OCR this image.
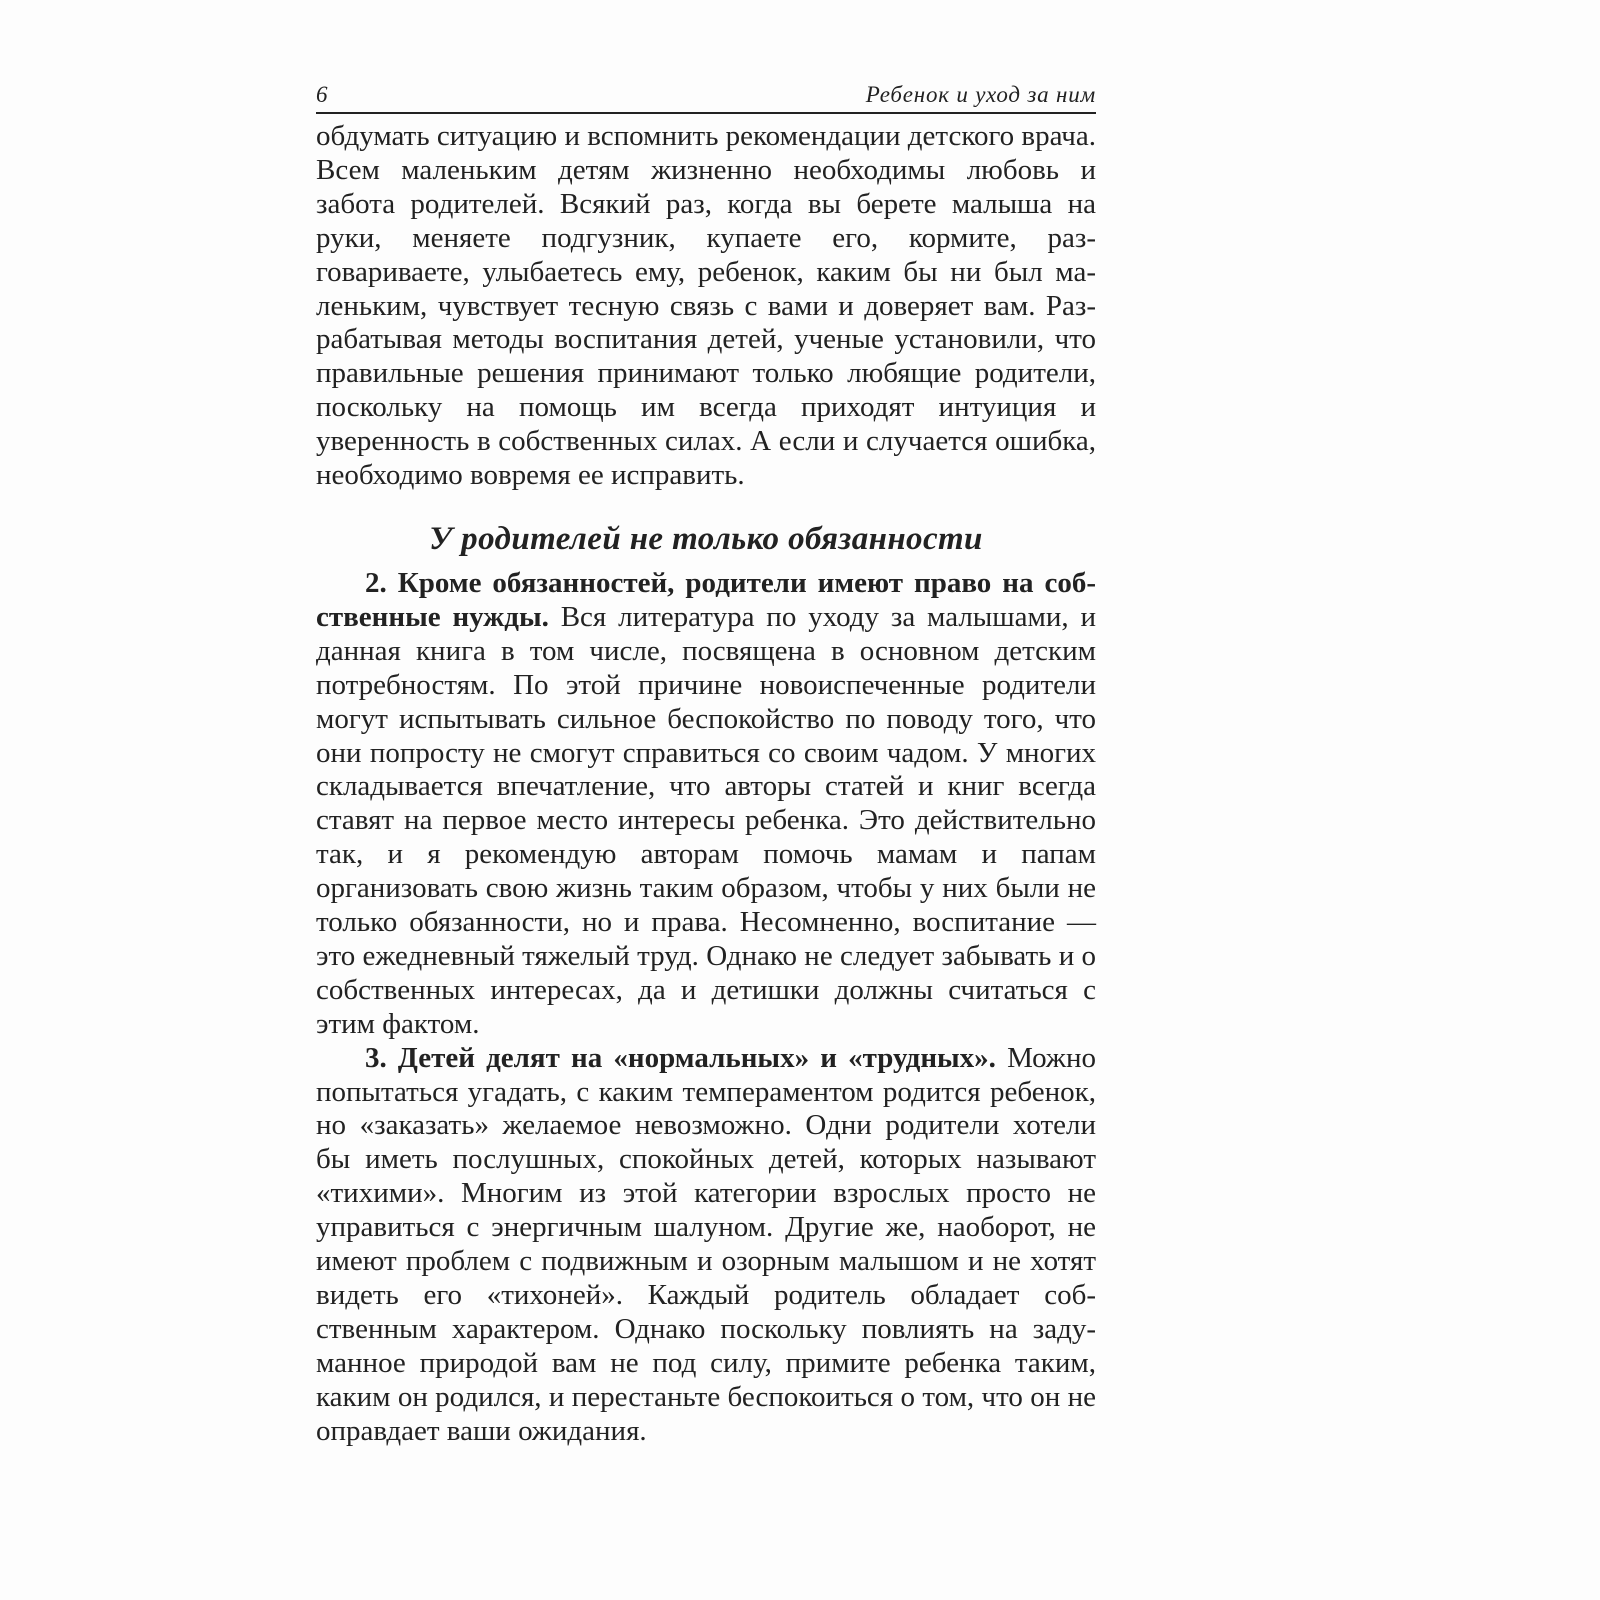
6	Ребенок и уход за ним

обдумать ситуацию и вспомнить рекомендации детского врача. Всем маленьким детям жизненно необходимы любовь и забота родителей. Всякий раз, когда вы берете малыша на руки, меняете подгузник, купаете его, кормите, разговариваете, улыбаетесь ему, ребенок, каким бы ни был маленьким, чувствует тесную связь с вами и доверяет вам. Разрабатывая методы воспитания детей, ученые установили, что правильные решения принимают только любящие родители, поскольку на помощь им всегда приходят интуиция и уверенность в собственных силах. А если и случается ошибка, необходимо вовремя ее исправить.

У родителей не только обязанности

2. Кроме обязанностей, родители имеют право на собственные нужды. Вся литература по уходу за малышами, и данная книга в том числе, посвящена в основном детским потребностям. По этой причине новоиспеченные родители могут испытывать сильное беспокойство по поводу того, что они попросту не смогут справиться со своим чадом. У многих складывается впечатление, что авторы статей и книг всегда ставят на первое место интересы ребенка. Это действительно так, и я рекомендую авторам помочь мамам и папам организовать свою жизнь таким образом, чтобы у них были не только обязанности, но и права. Несомненно, воспитание — это ежедневный тяжелый труд. Однако не следует забывать и о собственных интересах, да и детишки должны считаться с этим фактом.

3. Детей делят на «нормальных» и «трудных». Можно попытаться угадать, с каким темпераментом родится ребенок, но «заказать» желаемое невозможно. Одни родители хотели бы иметь послушных, спокойных детей, которых называют «тихими». Многим из этой категории взрослых просто не управиться с энергичным шалуном. Другие же, наоборот, не имеют проблем с подвижным и озорным малышом и не хотят видеть его «тихоней». Каждый родитель обладает собственным характером. Однако поскольку повлиять на задуманное природой вам не под силу, примите ребенка таким, каким он родился, и перестаньте беспокоиться о том, что он не оправдает ваши ожидания.
